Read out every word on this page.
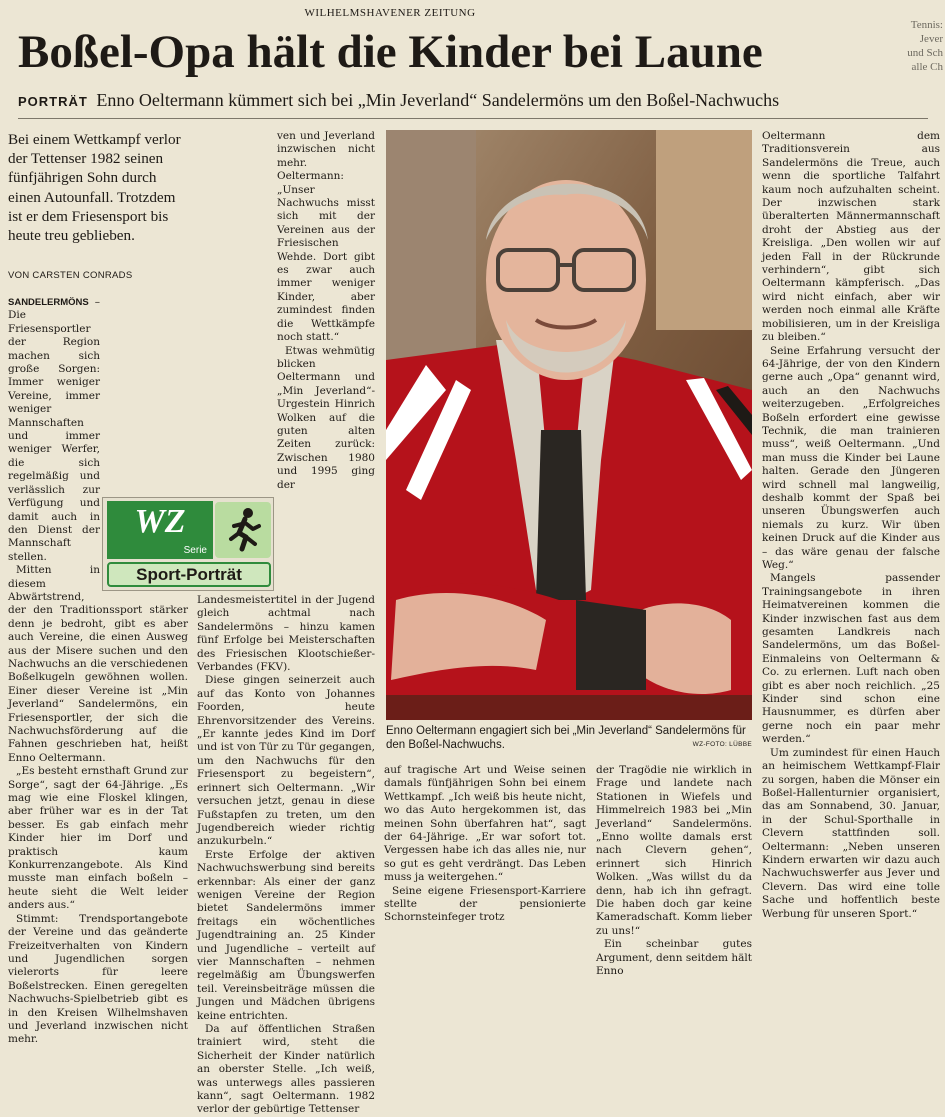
WILHELMSHAVENER ZEITUNG
Boßel-Opa hält die Kinder bei Laune
Tennis: Jever
und Sch
alle Ch
PORTRÄT Enno Oeltermann kümmert sich bei „Min Jeverland“ Sandelermöns um den Boßel-Nachwuchs
Bei einem Wettkampf verlor der Tettenser 1982 seinen fünfjährigen Sohn durch einen Autounfall. Trotzdem ist er dem Friesensport bis heute treu geblieben.
VON CARSTEN CONRADS

SANDELERMÖNS – Die Friesensportler der Region machen sich große Sorgen: Immer weniger Vereine, immer weniger Mannschaften und immer weniger Werfer, die sich regelmäßig und verlässlich zur Verfügung und damit auch in den Dienst der Mannschaft stellen.

Mitten in diesem Abwärtstrend, der den Traditionssport stärker denn je bedroht, gibt es aber auch Vereine, die einen Ausweg aus der Misere suchen und den Nachwuchs an die verschiedenen Boßelkugeln gewöhnen wollen. Einer dieser Vereine ist „Min Jeverland“ Sandelermöns, ein Friesensportler, der sich die Nachwuchsförderung auf die Fahnen geschrieben hat, heißt Enno Oeltermann.

„Es besteht ernsthaft Grund zur Sorge“, sagt der 64-Jährige. „Es mag wie eine Floskel klingen, aber früher war es in der Tat besser. Es gab einfach mehr Kinder hier im Dorf und praktisch kaum Konkurrenzangebote. Als Kind musste man einfach boßeln – heute sieht die Welt leider anders aus.“

Stimmt: Trendsportangebote der Vereine und das geänderte Freizeitverhalten von Kindern und Jugendlichen sorgen vielerorts für leere Boßelstrecken. Einen geregelten Nachwuchs-Spielbetrieb gibt es in den Kreisen Wilhelmshaven und Jeverland inzwischen nicht mehr.

ven und Jeverland inzwischen nicht mehr. Oeltermann: „Unser Nachwuchs misst sich mit der Vereinen aus der Friesischen Wehde. Dort gibt es zwar auch immer weniger Kinder, aber zumindest finden die Wettkämpfe noch statt.“

Etwas wehmütig blicken Oeltermann und „Min Jeverland“-Urgestein Hinrich Wolken auf die guten alten Zeiten zurück: Zwischen 1980 und 1995 ging der Landesmeistertitel in der Jugend gleich achtmal nach Sandelermöns – hinzu kamen fünf Erfolge bei Meisterschaften des Friesischen Klootschießer-Verbandes (FKV).

Diese gingen seinerzeit auch auf das Konto von Johannes Foorden, heute Ehrenvorsitzender des Vereins. „Er kannte jedes Kind im Dorf und ist von Tür zu Tür gegangen, um den Nachwuchs für den Friesensport zu begeistern“, erinnert sich Oeltermann. „Wir versuchen jetzt, genau in diese Fußstapfen zu treten, um den Jugendbereich wieder richtig anzukurbeln.“

Erste Erfolge der aktiven Nachwuchswerbung sind bereits erkennbar: Als einer der ganz wenigen Vereine der Region bietet Sandelermöns immer freitags ein wöchentliches Jugendtraining an. 25 Kinder und Jugendliche – verteilt auf vier Mannschaften – nehmen regelmäßig am Übungswerfen teil. Vereinsbeiträge müssen die Jungen und Mädchen übrigens keine entrichten.

Da auf öffentlichen Straßen trainiert wird, steht die Sicherheit der Kinder natürlich an oberster Stelle. „Ich weiß, was unterwegs alles passieren kann“, sagt Oeltermann. 1982 verlor der gebürtige Tettenser

WZ
Serie
Sport-Porträt
Enno Oeltermann engagiert sich bei „Min Jeverland“ Sandelermöns für den Boßel-Nachwuchs.	WZ-FOTO: LÜBBE

auf tragische Art und Weise seinen damals fünfjährigen Sohn bei einem Wettkampf. „Ich weiß bis heute nicht, wo das Auto hergekommen ist, das meinen Sohn überfahren hat“, sagt der 64-Jährige. „Er war sofort tot. Vergessen habe ich das alles nie, nur so gut es geht verdrängt. Das Leben muss ja weitergehen.“

Seine eigene Friesensport-Karriere stellte der pensionierte Schornsteinfeger trotz

der Tragödie nie wirklich in Frage und landete nach Stationen in Wiefels und Himmelreich 1983 bei „Min Jeverland“ Sandelermöns. „Enno wollte damals erst nach Clevern gehen“, erinnert sich Hinrich Wolken. „Was willst du da denn, hab ich ihn gefragt. Die haben doch gar keine Kameradschaft. Komm lieber zu uns!“

Ein scheinbar gutes Argument, denn seitdem hält Enno

Oeltermann dem Traditionsverein aus Sandelermöns die Treue, auch wenn die sportliche Talfahrt kaum noch aufzuhalten scheint. Der inzwischen stark überalterten Männermannschaft droht der Abstieg aus der Kreisliga. „Den wollen wir auf jeden Fall in der Rückrunde verhindern“, gibt sich Oeltermann kämpferisch. „Das wird nicht einfach, aber wir werden noch einmal alle Kräfte mobilisieren, um in der Kreisliga zu bleiben.“

Seine Erfahrung versucht der 64-Jährige, der von den Kindern gerne auch „Opa“ genannt wird, auch an den Nachwuchs weiterzugeben. „Erfolgreiches Boßeln erfordert eine gewisse Technik, die man trainieren muss“, weiß Oeltermann. „Und man muss die Kinder bei Laune halten. Gerade den Jüngeren wird schnell mal langweilig, deshalb kommt der Spaß bei unseren Übungswerfen auch niemals zu kurz. Wir üben keinen Druck auf die Kinder aus – das wäre genau der falsche Weg.“

Mangels passender Trainingsangebote in ihren Heimatvereinen kommen die Kinder inzwischen fast aus dem gesamten Landkreis nach Sandelermöns, um das Boßel-Einmaleins von Oeltermann & Co. zu erlernen. Luft nach oben gibt es aber noch reichlich. „25 Kinder sind schon eine Hausnummer, es dürfen aber gerne noch ein paar mehr werden.“

Um zumindest für einen Hauch an heimischem Wettkampf-Flair zu sorgen, haben die Mönser ein Boßel-Hallenturnier organisiert, das am Sonnabend, 30. Januar, in der Schul-Sporthalle in Clevern stattfinden soll. Oeltermann: „Neben unseren Kindern erwarten wir dazu auch Nachwuchswerfer aus Jever und Clevern. Das wird eine tolle Sache und hoffentlich beste Werbung für unseren Sport.“
